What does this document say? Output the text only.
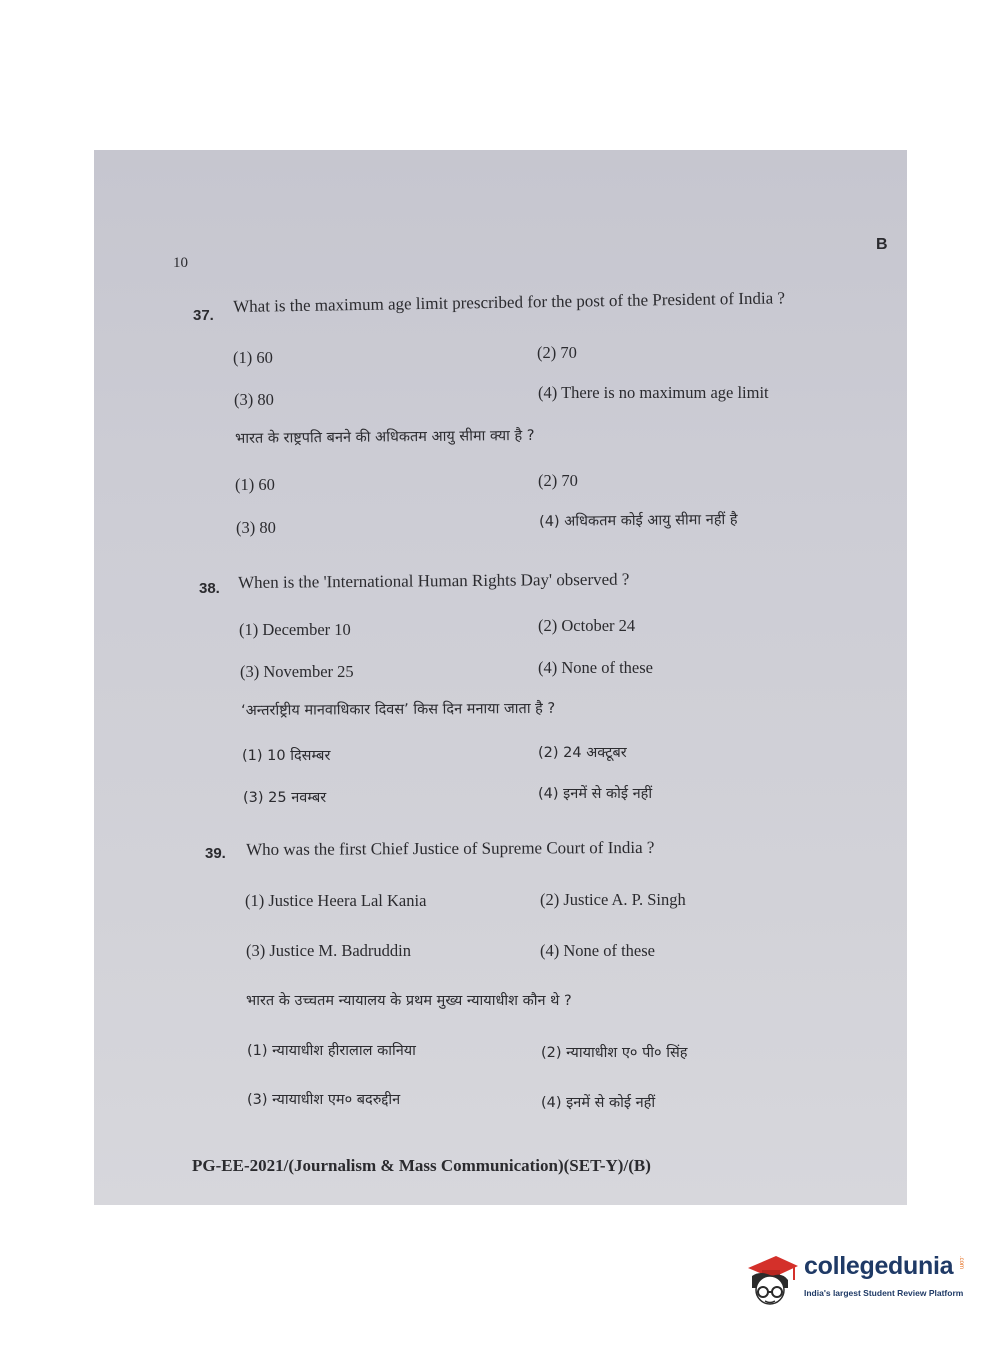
10
B
37. What is the maximum age limit prescribed for the post of the President of India ?
(1) 60	(2) 70
(3) 80	(4) There is no maximum age limit
भारत के राष्ट्रपति बनने की अधिकतम आयु सीमा क्या है ?
(1) 60	(2) 70
(3) 80	(4) अधिकतम कोई आयु सीमा नहीं है
38. When is the 'International Human Rights Day' observed ?
(1) December 10	(2) October 24
(3) November 25	(4) None of these
‘अन्तर्राष्ट्रीय मानवाधिकार दिवस’ किस दिन मनाया जाता है ?
(1) 10 दिसम्बर	(2) 24 अक्टूबर
(3) 25 नवम्बर	(4) इनमें से कोई नहीं
39. Who was the first Chief Justice of Supreme Court of India ?
(1) Justice Heera Lal Kania	(2) Justice A. P. Singh
(3) Justice M. Badruddin	(4) None of these
भारत के उच्चतम न्यायालय के प्रथम मुख्य न्यायाधीश कौन थे ?
(1) न्यायाधीश हीरालाल कानिया	(2) न्यायाधीश ए० पी० सिंह
(3) न्यायाधीश एम० बदरुद्दीन	(4) इनमें से कोई नहीं
PG-EE-2021/(Journalism & Mass Communication)(SET-Y)/(B)
collegedunia .com
India's largest Student Review Platform
